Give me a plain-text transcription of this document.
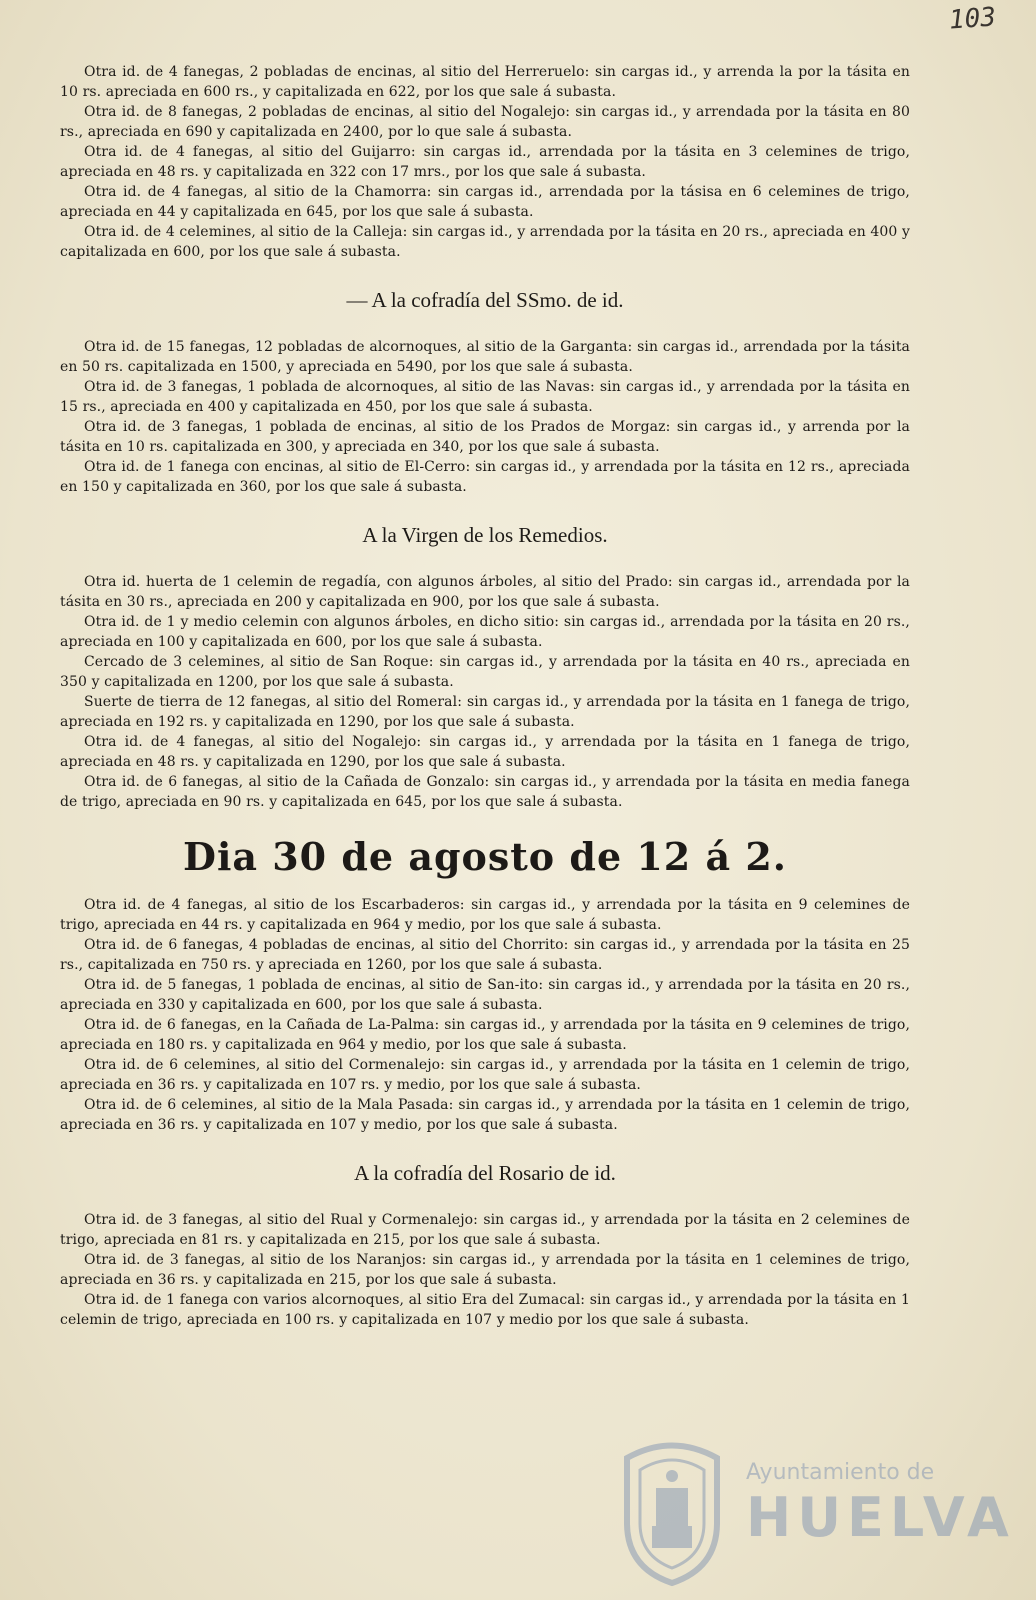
103

Otra id. de 4 fanegas, 2 pobladas de encinas, al sitio del Herreruelo: sin cargas id., y arrenda la por la tásita en 10 rs. apreciada en 600 rs., y capitalizada en 622, por los que sale á subasta.

Otra id. de 8 fanegas, 2 pobladas de encinas, al sitio del Nogalejo: sin cargas id., y arrendada por la tásita en 80 rs., apreciada en 690 y capitalizada en 2400, por lo que sale á subasta.

Otra id. de 4 fanegas, al sitio del Guijarro: sin cargas id., arrendada por la tásita en 3 celemines de trigo, apreciada en 48 rs. y capitalizada en 322 con 17 mrs., por los que sale á subasta.

Otra id. de 4 fanegas, al sitio de la Chamorra: sin cargas id., arrendada por la tásisa en 6 celemines de trigo, apreciada en 44 y capitalizada en 645, por los que sale á subasta.

Otra id. de 4 celemines, al sitio de la Calleja: sin cargas id., y arrendada por la tásita en 20 rs., apreciada en 400 y capitalizada en 600, por los que sale á subasta.

— A la cofradía del SSmo. de id.

Otra id. de 15 fanegas, 12 pobladas de alcornoques, al sitio de la Garganta: sin cargas id., arrendada por la tásita en 50 rs. capitalizada en 1500, y apreciada en 5490, por los que sale á subasta.

Otra id. de 3 fanegas, 1 poblada de alcornoques, al sitio de las Navas: sin cargas id., y arrendada por la tásita en 15 rs., apreciada en 400 y capitalizada en 450, por los que sale á subasta.

Otra id. de 3 fanegas, 1 poblada de encinas, al sitio de los Prados de Morgaz: sin cargas id., y arrenda por la tásita en 10 rs. capitalizada en 300, y apreciada en 340, por los que sale á subasta.

Otra id. de 1 fanega con encinas, al sitio de El-Cerro: sin cargas id., y arrendada por la tásita en 12 rs., apreciada en 150 y capitalizada en 360, por los que sale á subasta.

A la Virgen de los Remedios.

Otra id. huerta de 1 celemin de regadía, con algunos árboles, al sitio del Prado: sin cargas id., arrendada por la tásita en 30 rs., apreciada en 200 y capitalizada en 900, por los que sale á subasta.

Otra id. de 1 y medio celemin con algunos árboles, en dicho sitio: sin cargas id., arrendada por la tásita en 20 rs., apreciada en 100 y capitalizada en 600, por los que sale á subasta.

Cercado de 3 celemines, al sitio de San Roque: sin cargas id., y arrendada por la tásita en 40 rs., apreciada en 350 y capitalizada en 1200, por los que sale á subasta.

Suerte de tierra de 12 fanegas, al sitio del Romeral: sin cargas id., y arrendada por la tásita en 1 fanega de trigo, apreciada en 192 rs. y capitalizada en 1290, por los que sale á subasta.

Otra id. de 4 fanegas, al sitio del Nogalejo: sin cargas id., y arrendada por la tásita en 1 fanega de trigo, apreciada en 48 rs. y capitalizada en 1290, por los que sale á subasta.

Otra id. de 6 fanegas, al sitio de la Cañada de Gonzalo: sin cargas id., y arrendada por la tásita en media fanega de trigo, apreciada en 90 rs. y capitalizada en 645, por los que sale á subasta.

Dia 30 de agosto de 12 á 2.

Otra id. de 4 fanegas, al sitio de los Escarbaderos: sin cargas id., y arrendada por la tásita en 9 celemines de trigo, apreciada en 44 rs. y capitalizada en 964 y medio, por los que sale á subasta.

Otra id. de 6 fanegas, 4 pobladas de encinas, al sitio del Chorrito: sin cargas id., y arrendada por la tásita en 25 rs., capitalizada en 750 rs. y apreciada en 1260, por los que sale á subasta.

Otra id. de 5 fanegas, 1 poblada de encinas, al sitio de San-ito: sin cargas id., y arrendada por la tásita en 20 rs., apreciada en 330 y capitalizada en 600, por los que sale á subasta.

Otra id. de 6 fanegas, en la Cañada de La-Palma: sin cargas id., y arrendada por la tásita en 9 celemines de trigo, apreciada en 180 rs. y capitalizada en 964 y medio, por los que sale á subasta.

Otra id. de 6 celemines, al sitio del Cormenalejo: sin cargas id., y arrendada por la tásita en 1 celemin de trigo, apreciada en 36 rs. y capitalizada en 107 rs. y medio, por los que sale á subasta.

Otra id. de 6 celemines, al sitio de la Mala Pasada: sin cargas id., y arrendada por la tásita en 1 celemin de trigo, apreciada en 36 rs. y capitalizada en 107 y medio, por los que sale á subasta.

A la cofradía del Rosario de id.

Otra id. de 3 fanegas, al sitio del Rual y Cormenalejo: sin cargas id., y arrendada por la tásita en 2 celemines de trigo, apreciada en 81 rs. y capitalizada en 215, por los que sale á subasta.

Otra id. de 3 fanegas, al sitio de los Naranjos: sin cargas id., y arrendada por la tásita en 1 celemines de trigo, apreciada en 36 rs. y capitalizada en 215, por los que sale á subasta.

Otra id. de 1 fanega con varios alcornoques, al sitio Era del Zumacal: sin cargas id., y arrendada por la tásita en 1 celemin de trigo, apreciada en 100 rs. y capitalizada en 107 y medio por los que sale á subasta.

Ayuntamiento de
HUELVA
